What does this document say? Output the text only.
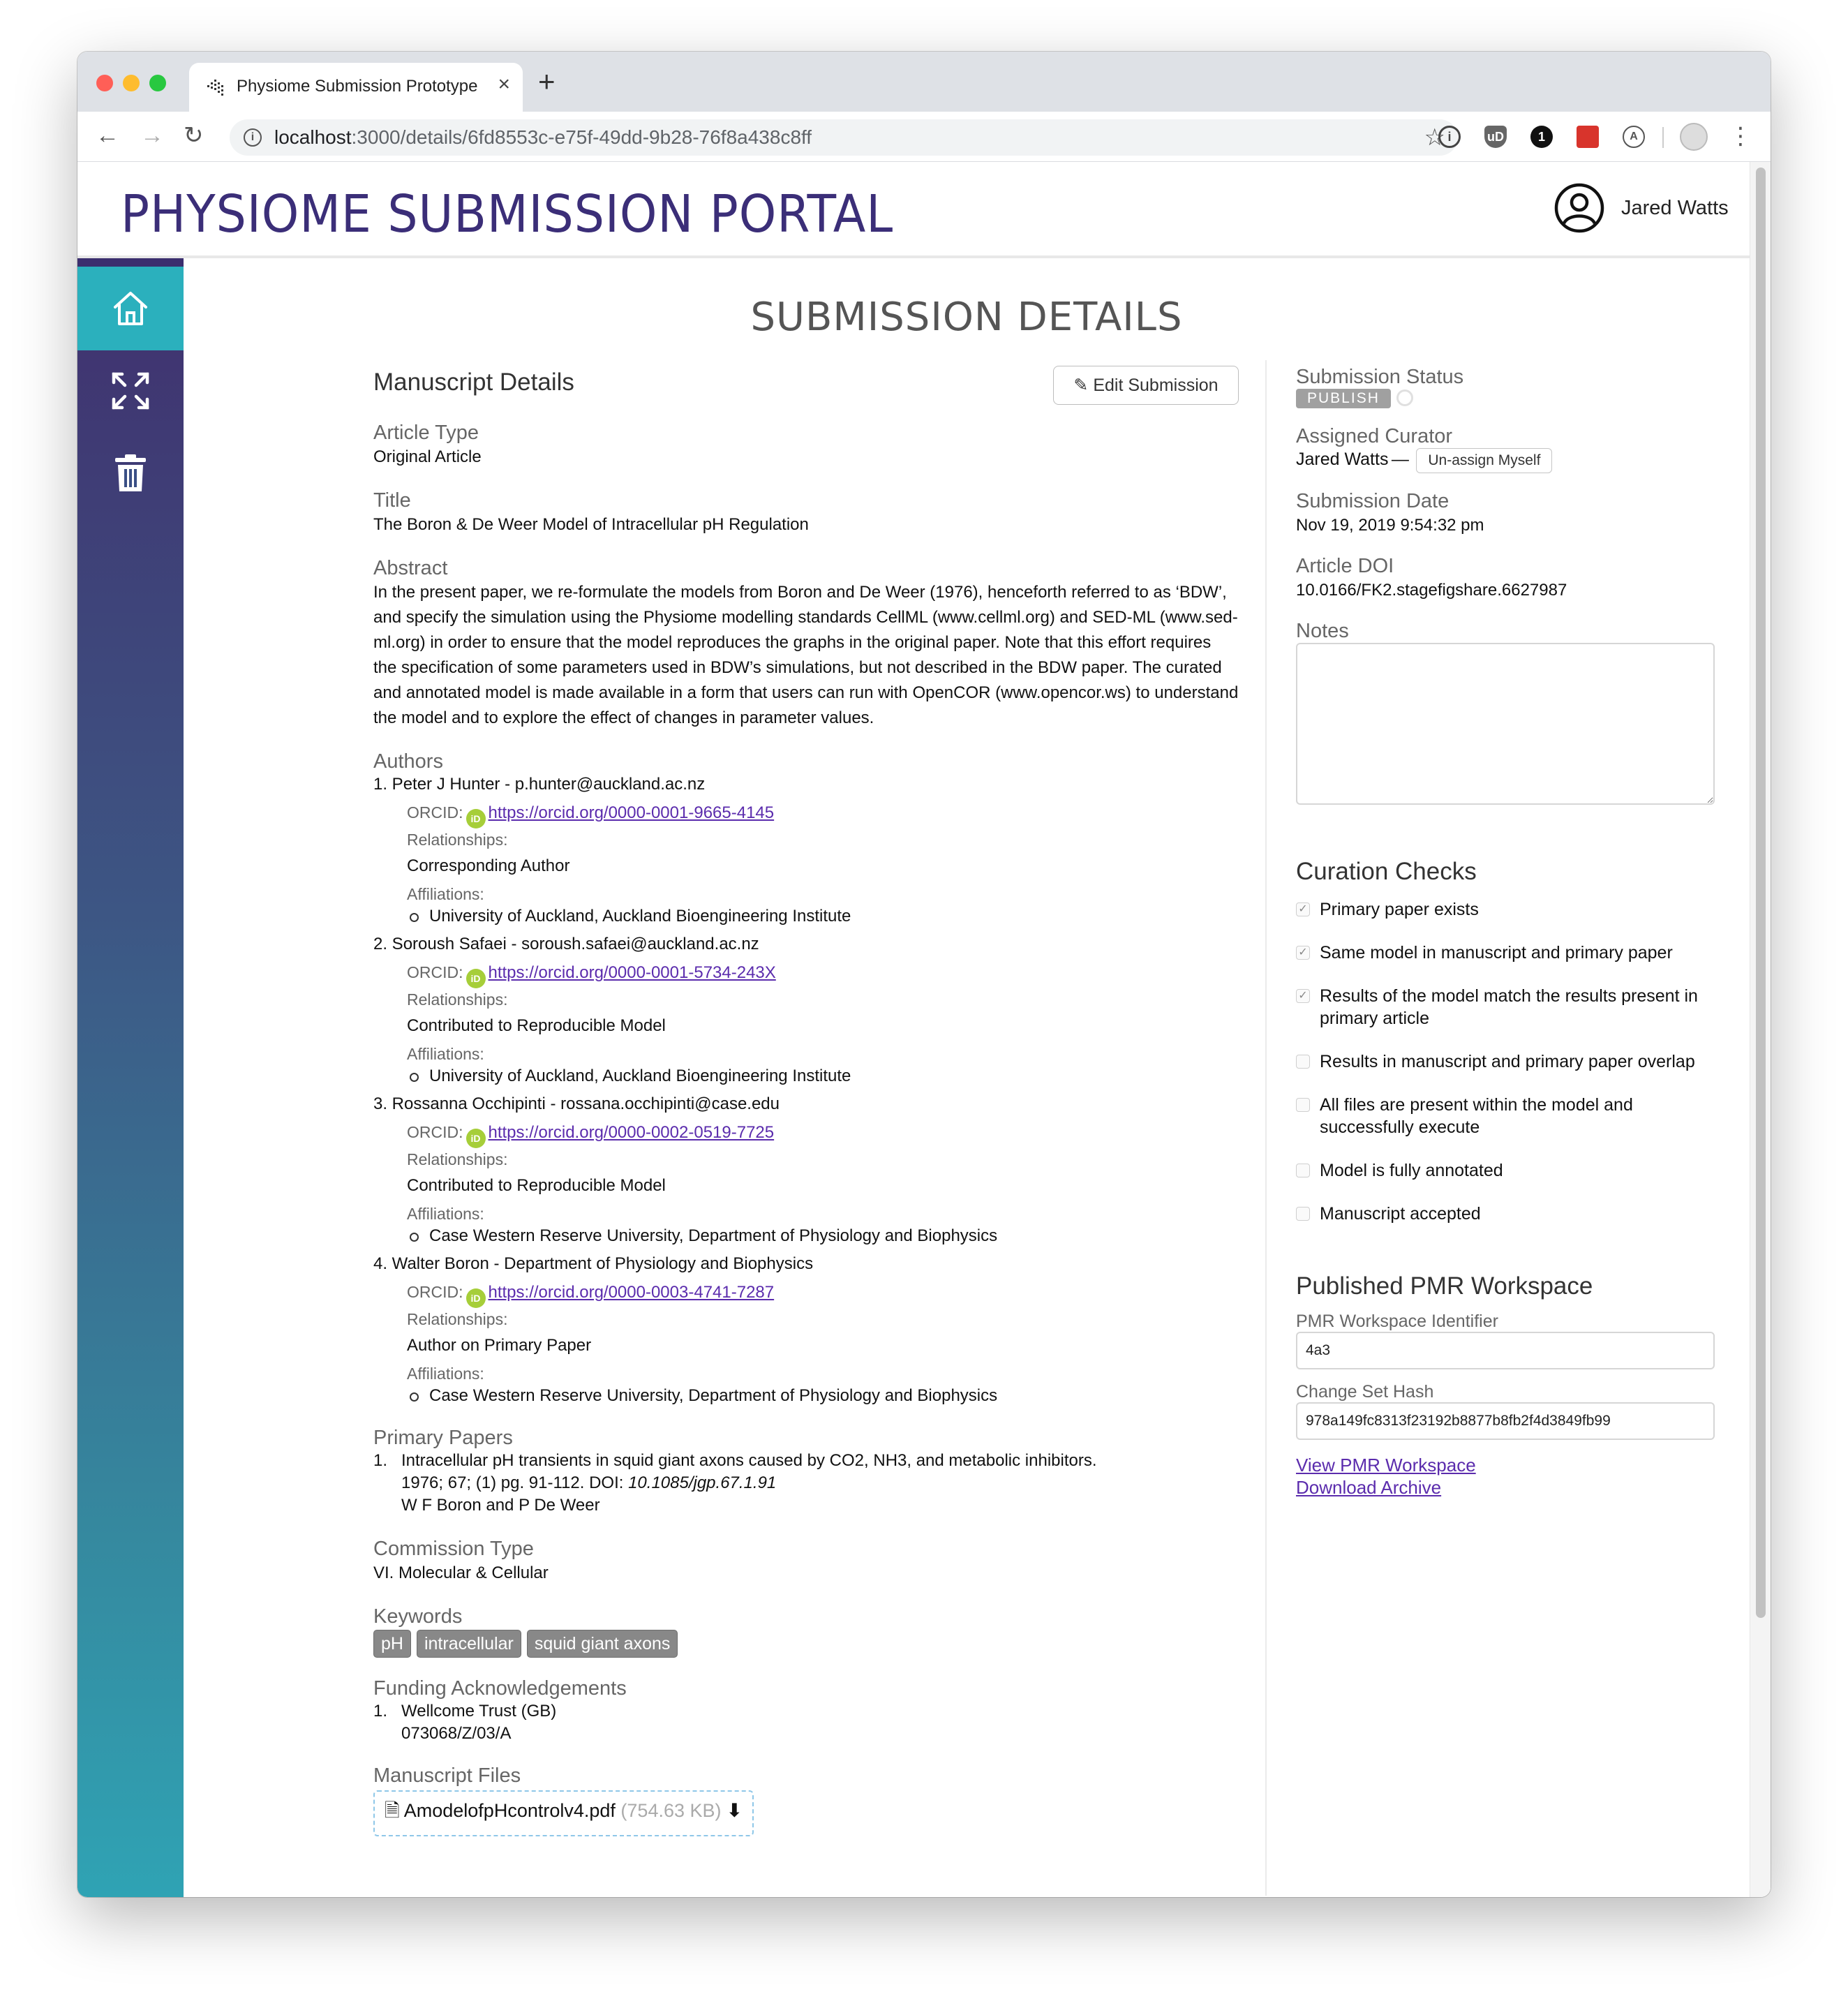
Physiome Submission Prototype × +
← → ↻	i	localhost:3000/details/6fd8553c-e75f-49dd-9b28-76f8a438c8ff	☆ i	uD	1	A	⋮
PHYSIOME SUBMISSION PORTAL	Jared Watts
SUBMISSION DETAILS
Manuscript Details	✎ Edit Submission
Article Type
Original Article
Title
The Boron & De Weer Model of Intracellular pH Regulation
Abstract
In the present paper, we re-formulate the models from Boron and De Weer (1976), henceforth referred to as ‘BDW’, and specify the simulation using the Physiome modelling standards CellML (www.cellml.org) and SED-ML (www.sed-ml.org) in order to ensure that the model reproduces the graphs in the original paper. Note that this effort requires the specification of some parameters used in BDW’s simulations, but not described in the BDW paper. The curated and annotated model is made available in a form that users can run with OpenCOR (www.opencor.ws) to understand the model and to explore the effect of changes in parameter values.
Authors
1. Peter J Hunter - p.hunter@auckland.ac.nz
ORCID: iD https://orcid.org/0000-0001-9665-4145
Relationships:
Corresponding Author
Affiliations:
University of Auckland, Auckland Bioengineering Institute
2. Soroush Safaei - soroush.safaei@auckland.ac.nz
ORCID: iD https://orcid.org/0000-0001-5734-243X
Relationships:
Contributed to Reproducible Model
Affiliations:
University of Auckland, Auckland Bioengineering Institute
3. Rossanna Occhipinti - rossana.occhipinti@case.edu
ORCID: iD https://orcid.org/0000-0002-0519-7725
Relationships:
Contributed to Reproducible Model
Affiliations:
Case Western Reserve University, Department of Physiology and Biophysics
4. Walter Boron - Department of Physiology and Biophysics
ORCID: iD https://orcid.org/0000-0003-4741-7287
Relationships:
Author on Primary Paper
Affiliations:
Case Western Reserve University, Department of Physiology and Biophysics
Primary Papers
1. Intracellular pH transients in squid giant axons caused by CO2, NH3, and metabolic inhibitors.
1976; 67; (1) pg. 91-112. DOI: 10.1085/jgp.67.1.91
W F Boron and P De Weer
Commission Type
VI. Molecular & Cellular
Keywords
pH intracellular squid giant axons
Funding Acknowledgements
1. Wellcome Trust (GB)
073068/Z/03/A
Manuscript Files
🗎 AmodelofpHcontrolv4.pdf (754.63 KB) ⬇
Submission Status
PUBLISH
Assigned Curator
Jared Watts — Un-assign Myself
Submission Date
Nov 19, 2019 9:54:32 pm
Article DOI
10.0166/FK2.stagefigshare.6627987
Notes
Curation Checks
✓ Primary paper exists
✓ Same model in manuscript and primary paper
✓ Results of the model match the results present in primary article
Results in manuscript and primary paper overlap
All files are present within the model and successfully execute
Model is fully annotated
Manuscript accepted
Published PMR Workspace
PMR Workspace Identifier
4a3
Change Set Hash
978a149fc8313f23192b8877b8fb2f4d3849fb99
View PMR Workspace
Download Archive
